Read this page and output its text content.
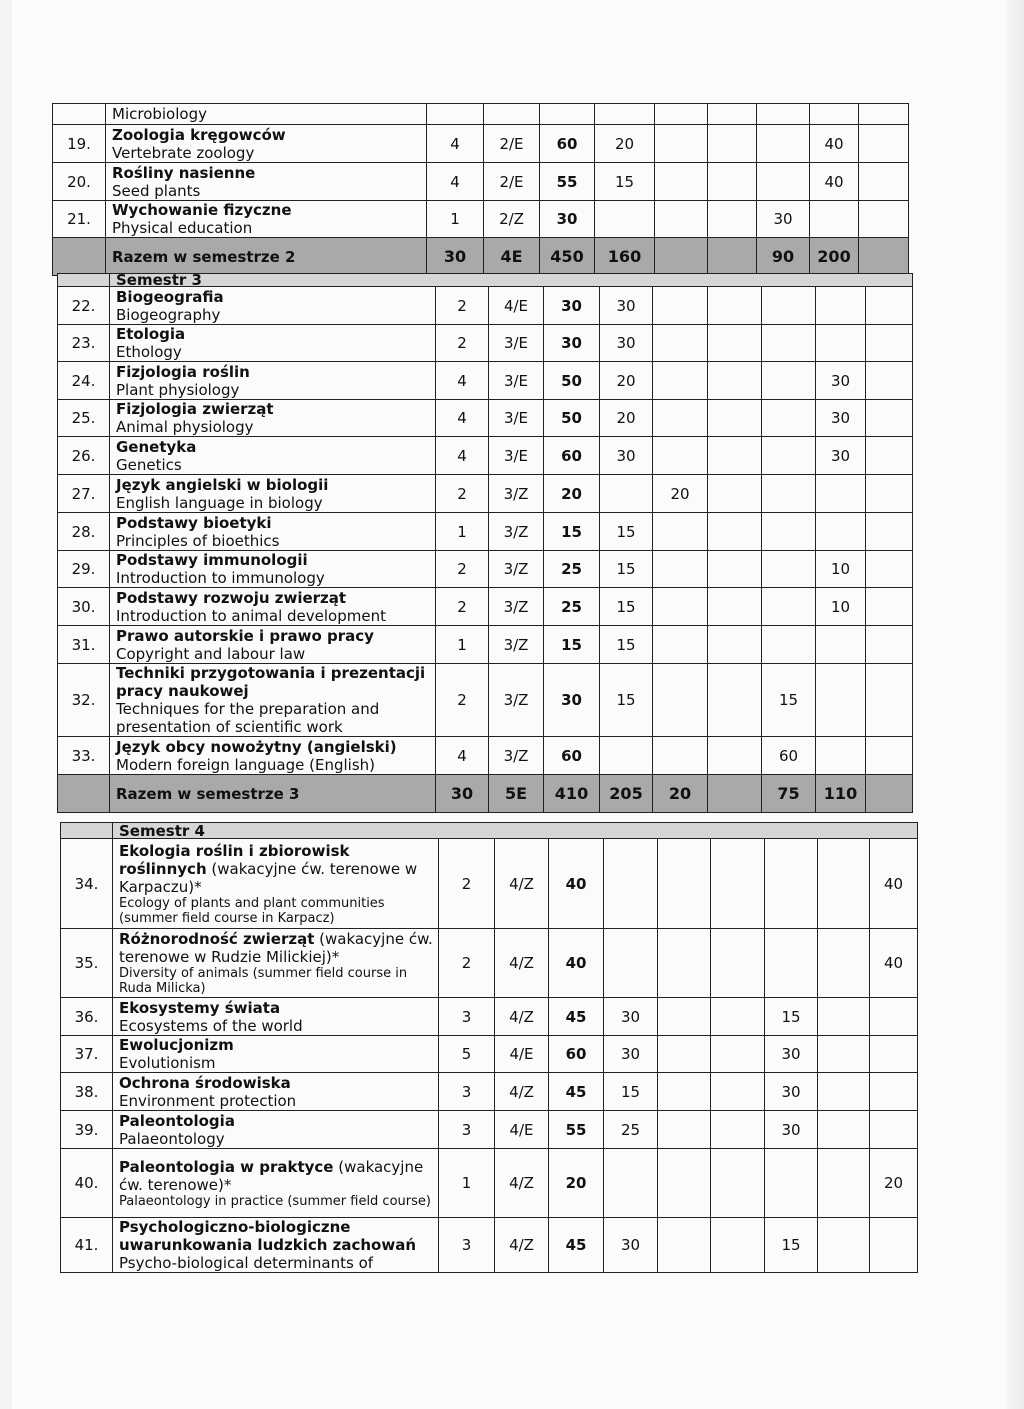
	Microbiology									

19.	Zoologia kręgowców
Vertebrate zoology	4	2/E	60	20				40	
20.	Rośliny nasienne
Seed plants	4	2/E	55	15				40	
21.	Wychowanie fizyczne
Physical education	1	2/Z	30				30		
	Razem w semestrze 2	30	4E	450	160			90	200	
	Semestr 3									
22.	Biogeografia
Biogeography	2	4/E	30	30					
23.	Etologia
Ethology	2	3/E	30	30					
24.	Fizjologia roślin
Plant physiology	4	3/E	50	20				30	
25.	Fizjologia zwierząt
Animal physiology	4	3/E	50	20				30	
26.	Genetyka
Genetics	4	3/E	60	30				30	
27.	Język angielski w biologii
English language in biology	2	3/Z	20		20				
28.	Podstawy bioetyki
Principles of bioethics	1	3/Z	15	15					
29.	Podstawy immunologii
Introduction to immunology	2	3/Z	25	15				10	
30.	Podstawy rozwoju zwierząt
Introduction to animal development	2	3/Z	25	15				10	
31.	Prawo autorskie i prawo pracy
Copyright and labour law	1	3/Z	15	15					
32.	Techniki przygotowania i prezentacji pracy naukowej
Techniques for the preparation and presentation of scientific work	2	3/Z	30	15			15		
33.	Język obcy nowożytny (angielski)
Modern foreign language (English)	4	3/Z	60				60		
	Razem w semestrze 3	30	5E	410	205	20		75	110	
	Semestr 4									
34.	Ekologia roślin i zbiorowisk roślinnych (wakacyjne ćw. terenowe w Karpaczu)*
Ecology of plants and plant communities (summer field course in Karpacz)	2	4/Z	40						40
35.	Różnorodność zwierząt (wakacyjne ćw. terenowe w Rudzie Milickiej)*
Diversity of animals (summer field course in Ruda Milicka)	2	4/Z	40						40
36.	Ekosystemy świata
Ecosystems of the world	3	4/Z	45	30			15		
37.	Ewolucjonizm
Evolutionism	5	4/E	60	30			30		
38.	Ochrona środowiska
Environment protection	3	4/Z	45	15			30		
39.	Paleontologia
Palaeontology	3	4/E	55	25			30		
40.	Paleontologia w praktyce (wakacyjne ćw. terenowe)*
Palaeontology in practice (summer field course)	1	4/Z	20						20
41.	Psychologiczno-biologiczne uwarunkowania ludzkich zachowań
Psycho-biological determinants of	3	4/Z	45	30			15		
